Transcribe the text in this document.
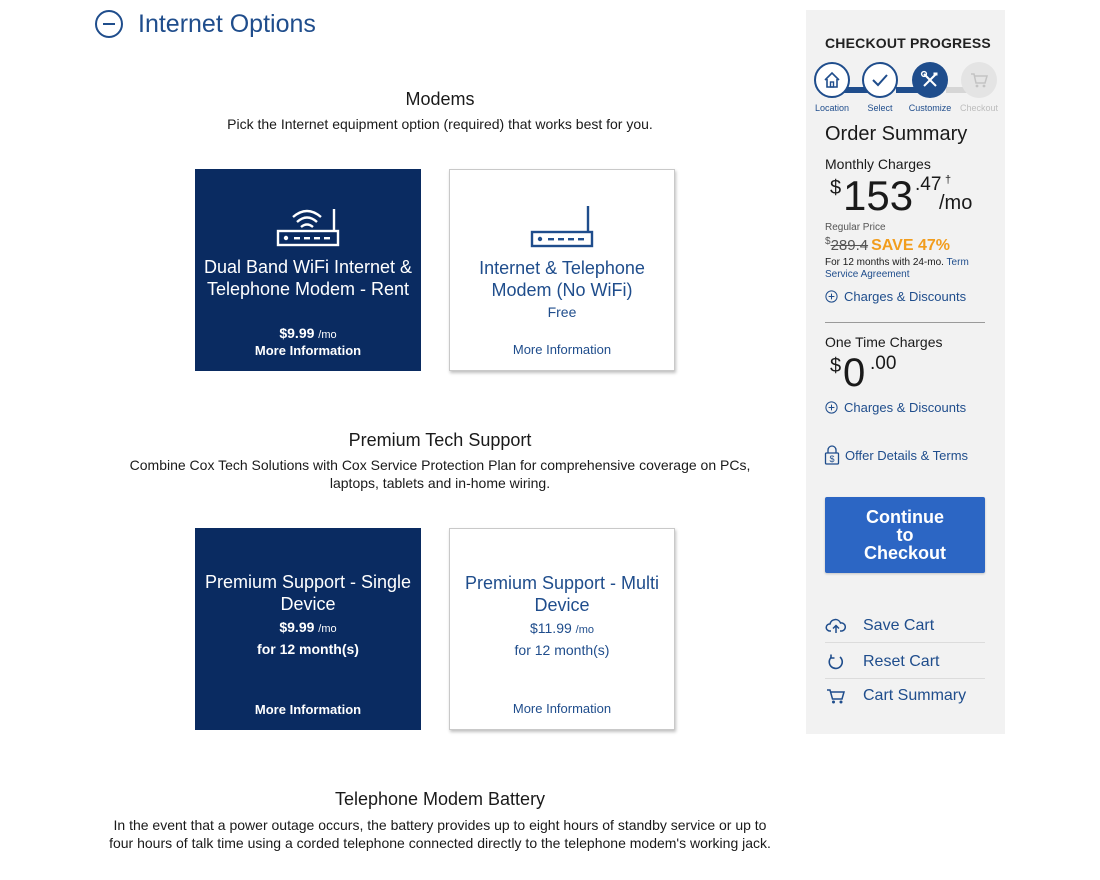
Internet Options
Modems
Pick the Internet equipment option (required) that works best for you.
Dual Band WiFi Internet & Telephone Modem - Rent
$9.99 /mo
More Information
Internet & Telephone Modem (No WiFi)
Free
More Information
Premium Tech Support
Combine Cox Tech Solutions with Cox Service Protection Plan for comprehensive coverage on PCs, laptops, tablets and in-home wiring.
Premium Support - Single Device
$9.99 /mo
for 12 month(s)
More Information
Premium Support - Multi Device
$11.99 /mo
for 12 month(s)
More Information
Telephone Modem Battery
In the event that a power outage occurs, the battery provides up to eight hours of standby service or up to four hours of talk time using a corded telephone connected directly to the telephone modem's working jack.
CHECKOUT PROGRESS
Location	Select	Customize Checkout
Order Summary
Monthly Charges
$ 153 .47 †
/mo
Regular Price
$289.4 SAVE 47%
For 12 months with 24-mo. Term Service Agreement
Charges & Discounts
One Time Charges
$ 0 .00
Charges & Discounts
$ Offer Details & Terms
Continue to Checkout
Save Cart
Reset Cart
Cart Summary
